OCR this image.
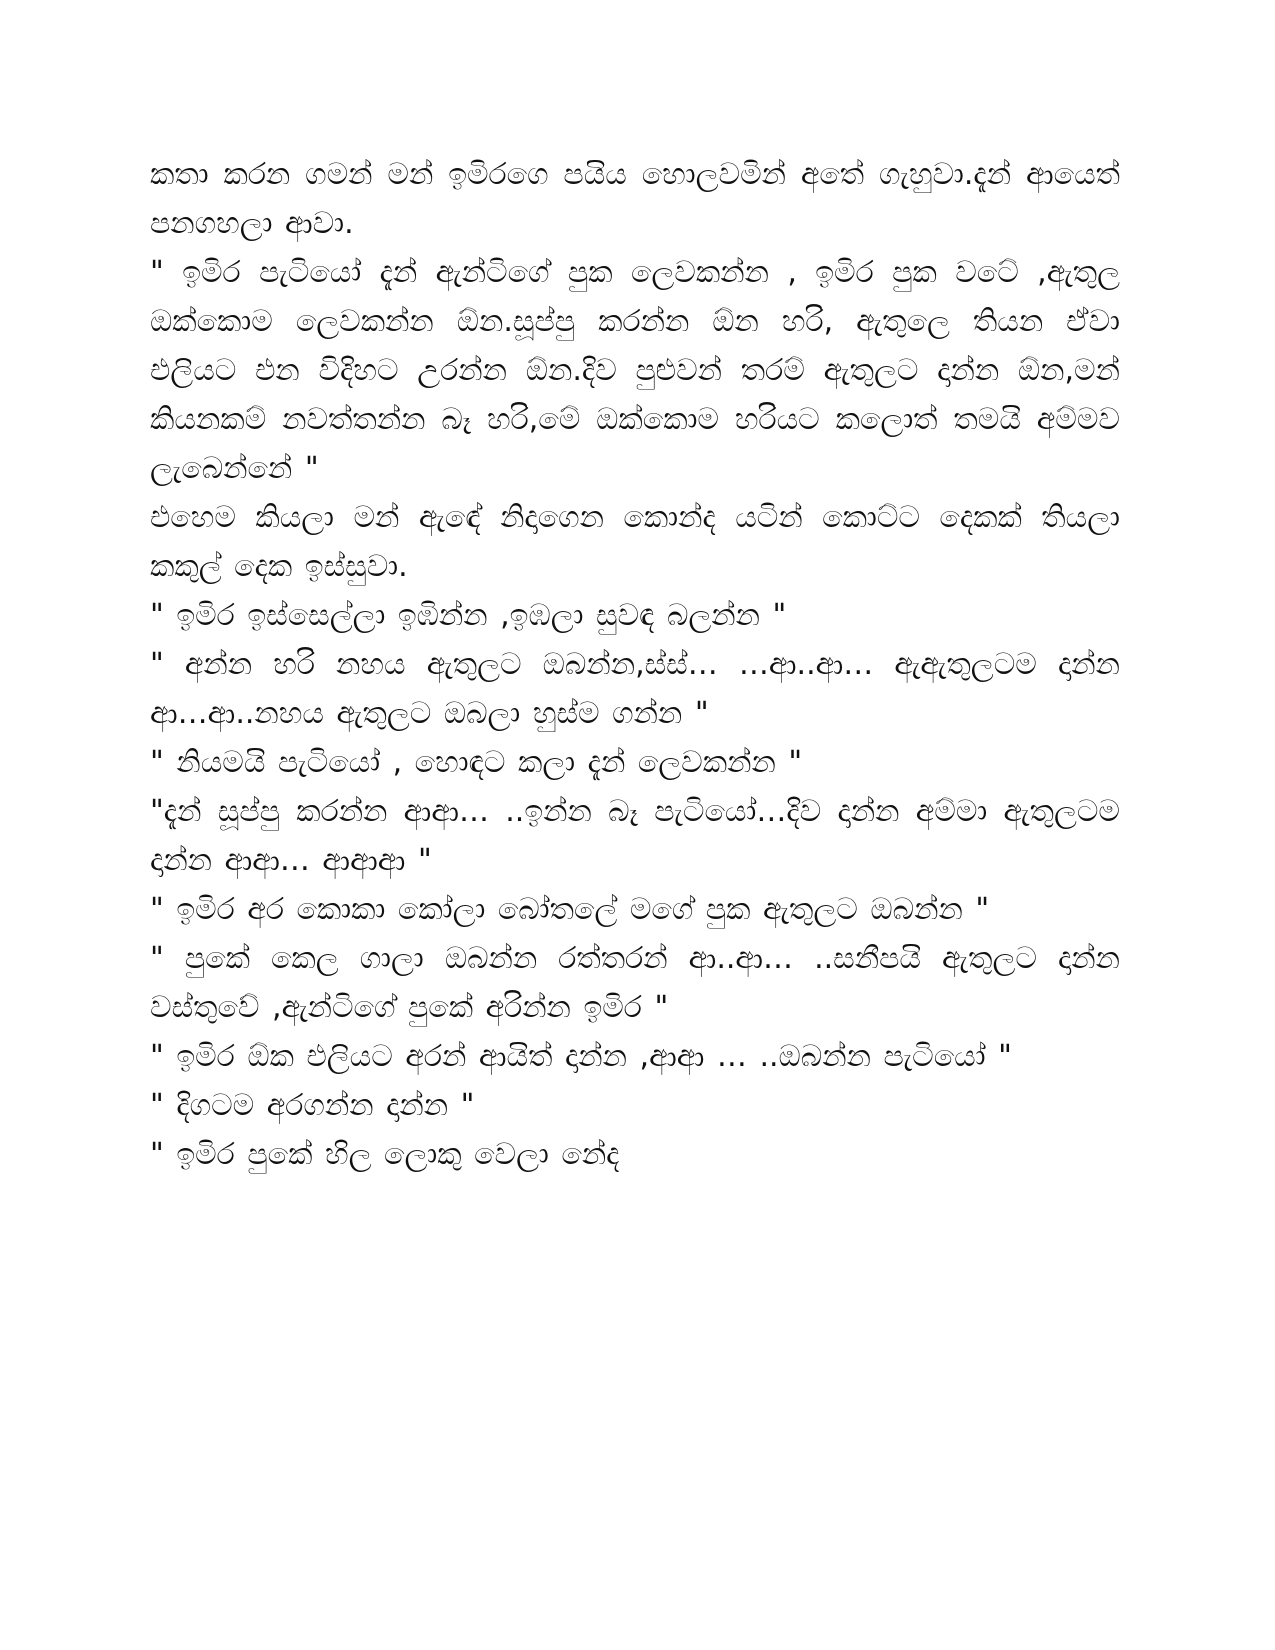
කතා කරන ගමන් මන් ඉමිරගෙ පයිය හොලවමින් අතේ ගැහුවා.දැන් ආයෙත් පනගහලා ආවා.

" ඉමිර පැටියෝ දැන් ඇන්ටිගේ පුක ලෙවකන්න , ඉමිර පුක වටේ ,ඇතුල ඔක්කොම ලෙවකන්න ඕන.සූප්පු කරන්න ඕන හරි, ඇතුලෙ තියන ඒවා එලියට එන විදිහට උරන්න ඕන.දිව පුළුවන් තරම් ඇතුලට දාන්න ඕන,මන් කියනකම් නවත්තන්න බෑ හරි,මේ ඔක්කොම හරියට කලොත් තමයි අම්මව ලැබෙන්නේ "

එහෙම කියලා මන් ඇඳේ නිදාගෙන කොන්ද යටින් කොට්ට දෙකක් තියලා කකුල් දෙක ඉස්සුවා.

" ඉමිර ඉස්සෙල්ලා ඉඹින්න ,ඉඹලා සුවඳ බලන්න "

" අන්න හරි නහය ඇතුලට ඔබන්න,ස්ස්… …ආ..ආ… ඇඇතුලටම දාන්න ආ…ආ..නහය ඇතුලට ඔබලා හුස්ම ගන්න "

" නියමයි පැටියෝ , හොඳට කලා දැන් ලෙවකන්න "

"දැන් සූප්පු කරන්න ආආ… ..ඉන්න බෑ පැටියෝ…දිව දාන්න අම්මා ඇතුලටම දාන්න ආආ… ආආආ "

" ඉමිර අර කොකා කෝලා බෝතලේ මගේ පුක ඇතුලට ඔබන්න "

" පුකේ කෙල ගාලා ඔබන්න රත්තරන් ආ..ආ… ..සනීපයි ඇතුලට දාන්න වස්තුවේ ,ඇන්ටිගේ පුකේ අරින්න ඉමිර "

" ඉමිර ඕක එලියට අරන් ආයිත් දාන්න ,ආආ … ..ඔබන්න පැටියෝ "

" දිගටම අරගන්න දාන්න "

" ඉමිර පුකේ හිල ලොකු වෙලා නේද
